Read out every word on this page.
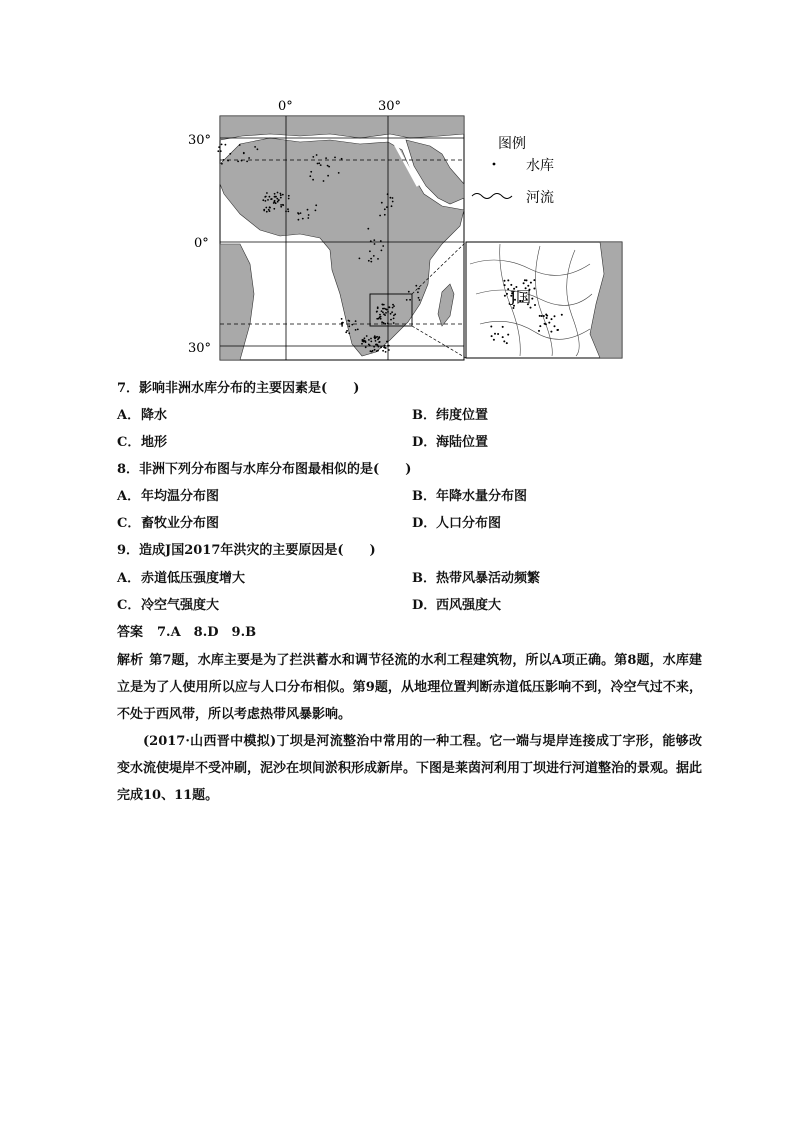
J国
0°	30°
30°
0°
30°
图例
水库
河流
7．影响非洲水库分布的主要因素是(　　)
A．降水	B．纬度位置
C．地形	D．海陆位置
8．非洲下列分布图与水库分布图最相似的是(　　)
A．年均温分布图	B．年降水量分布图
C．畜牧业分布图	D．人口分布图
9．造成J国2017年洪灾的主要原因是(　　)
A．赤道低压强度增大	B．热带风暴活动频繁
C．冷空气强度大	D．西风强度大
答案 7.A　8.D　9.B
解析 第7题，水库主要是为了拦洪蓄水和调节径流的水利工程建筑物，所以A项正确。第8题，水库建立是为了人使用所以应与人口分布相似。第9题，从地理位置判断赤道低压影响不到，冷空气过不来，不处于西风带，所以考虑热带风暴影响。
(2017·山西晋中模拟)丁坝是河流整治中常用的一种工程。它一端与堤岸连接成丁字形，能够改变水流使堤岸不受冲刷，泥沙在坝间淤积形成新岸。下图是莱茵河利用丁坝进行河道整治的景观。据此完成10、11题。
